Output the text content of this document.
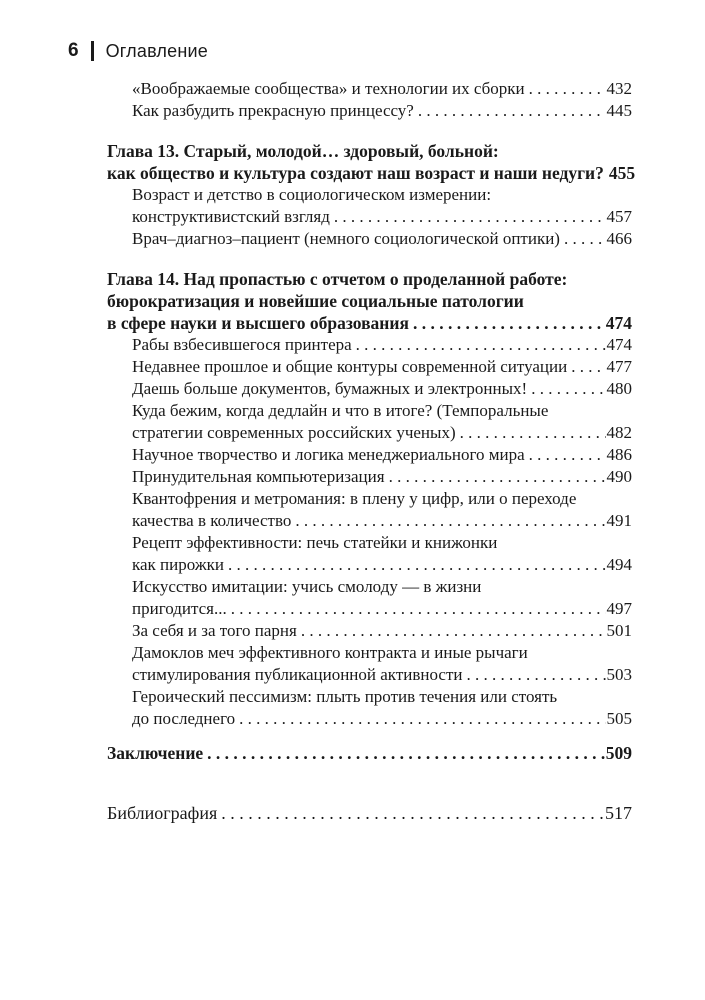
6 Оглавление
«Воображаемые сообщества» и технологии их сборки . . .	432
Как разбудить прекрасную принцессу? . . .	445
Глава 13. Старый, молодой… здоровый, больной:
как общество и культура создают наш возраст и наши недуги? 455
Возраст и детство в социологическом измерении:
конструктивистский взгляд . . .	457
Врач–диагноз–пациент (немного социологической оптики) . . .	466
Глава 14. Над пропастью с отчетом о проделанной работе:
бюрократизация и новейшие социальные патологии
в сфере науки и высшего образования . . .	474
Рабы взбесившегося принтера . . .	474
Недавнее прошлое и общие контуры современной ситуации . . . 477
Даешь больше документов, бумажных и электронных! . . .	480
Куда бежим, когда дедлайн и что в итоге? (Темпоральные
стратегии современных российских ученых) . . .	482
Научное творчество и логика менеджериального мира . . .	486
Принудительная компьютеризация . . .	490
Квантофрения и метромания: в плену у цифр, или о переходе
качества в количество . . .	491
Рецепт эффективности: печь статейки и книжонки
как пирожки . . .	494
Искусство имитации: учись смолоду — в жизни
пригодится... . . .	497
За себя и за того парня . . .	501
Дамоклов меч эффективного контракта и иные рычаги
стимулирования публикационной активности . . .	503
Героический пессимизм: плыть против течения или стоять
до последнего . . .	505
Заключение . . .	509
Библиография . . .	517
